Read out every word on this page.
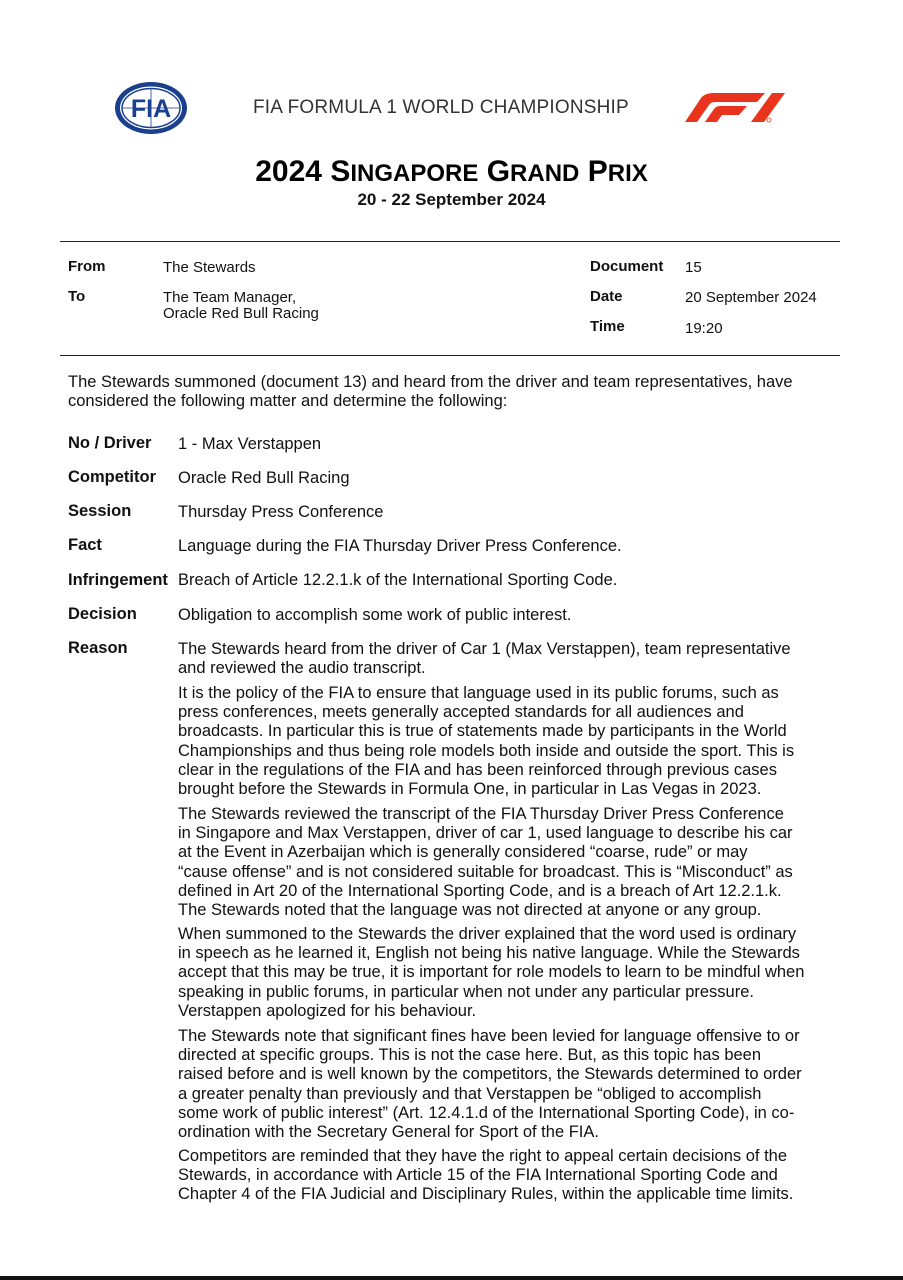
FIA	FIA FORMULA 1 WORLD CHAMPIONSHIP
2024 SINGAPORE GRAND PRIX
20 - 22 September 2024
From	The Stewards
To	The Team Manager,
Oracle Red Bull Racing
Document 15
Date	20 September 2024
Time	19:20
The Stewards summoned (document 13) and heard from the driver and team representatives, have
considered the following matter and determine the following:
No / Driver 1 - Max Verstappen
Competitor Oracle Red Bull Racing
Session	Thursday Press Conference
Fact	Language during the FIA Thursday Driver Press Conference.
Infringement Breach of Article 12.2.1.k of the International Sporting Code.
Decision Obligation to accomplish some work of public interest.
Reason	The Stewards heard from the driver of Car 1 (Max Verstappen), team representative
and reviewed the audio transcript.
It is the policy of the FIA to ensure that language used in its public forums, such as
press conferences, meets generally accepted standards for all audiences and
broadcasts. In particular this is true of statements made by participants in the World
Championships and thus being role models both inside and outside the sport. This is
clear in the regulations of the FIA and has been reinforced through previous cases
brought before the Stewards in Formula One, in particular in Las Vegas in 2023.
The Stewards reviewed the transcript of the FIA Thursday Driver Press Conference
in Singapore and Max Verstappen, driver of car 1, used language to describe his car
at the Event in Azerbaijan which is generally considered “coarse, rude” or may
“cause offense” and is not considered suitable for broadcast. This is “Misconduct” as
defined in Art 20 of the International Sporting Code, and is a breach of Art 12.2.1.k.
The Stewards noted that the language was not directed at anyone or any group.
When summoned to the Stewards the driver explained that the word used is ordinary
in speech as he learned it, English not being his native language. While the Stewards
accept that this may be true, it is important for role models to learn to be mindful when
speaking in public forums, in particular when not under any particular pressure.
Verstappen apologized for his behaviour.
The Stewards note that significant fines have been levied for language offensive to or
directed at specific groups. This is not the case here. But, as this topic has been
raised before and is well known by the competitors, the Stewards determined to order
a greater penalty than previously and that Verstappen be “obliged to accomplish
some work of public interest” (Art. 12.4.1.d of the International Sporting Code), in co-
ordination with the Secretary General for Sport of the FIA.
Competitors are reminded that they have the right to appeal certain decisions of the
Stewards, in accordance with Article 15 of the FIA International Sporting Code and
Chapter 4 of the FIA Judicial and Disciplinary Rules, within the applicable time limits.
